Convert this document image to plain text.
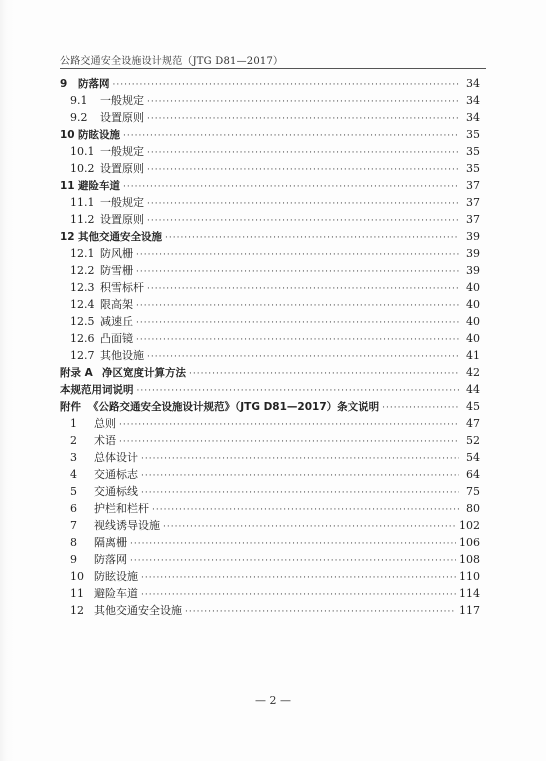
公路交通安全设施设计规范（JTG D81—2017）
9	防落网 ·····	34
9.1	一般规定 ·····	34
9.2	设置原则 ·····	34
10 防眩设施 ·····	35
10.1 一般规定 ·····	35
10.2 设置原则 ·····	35
11 避险车道 ·····	37
11.1 一般规定 ·····	37
11.2 设置原则 ·····	37
12 其他交通安全设施 ·····	39
12.1 防风栅 ·····	39
12.2 防雪栅 ·····	39
12.3 积雪标杆 ·····	40
12.4 限高架 ·····	40
12.5 减速丘 ·····	40
12.6 凸面镜 ·····	40
12.7 其他设施 ·····	41
附录 A 净区宽度计算方法 ·····	42
本规范用词说明 ·····	44
附件 《公路交通安全设施设计规范》（JTG D81—2017）条文说明 ·····	45
1	总则 ·····	47
2	术语 ·····	52
3	总体设计 ·····	54
4	交通标志 ·····	64
5	交通标线 ·····	75
6	护栏和栏杆 ·····	80
7	视线诱导设施 ·····	102
8	隔离栅 ·····	106
9	防落网 ·····	108
10 防眩设施 ·····	110
11 避险车道 ·····	114
12 其他交通安全设施 ·····	117
— 2 —
